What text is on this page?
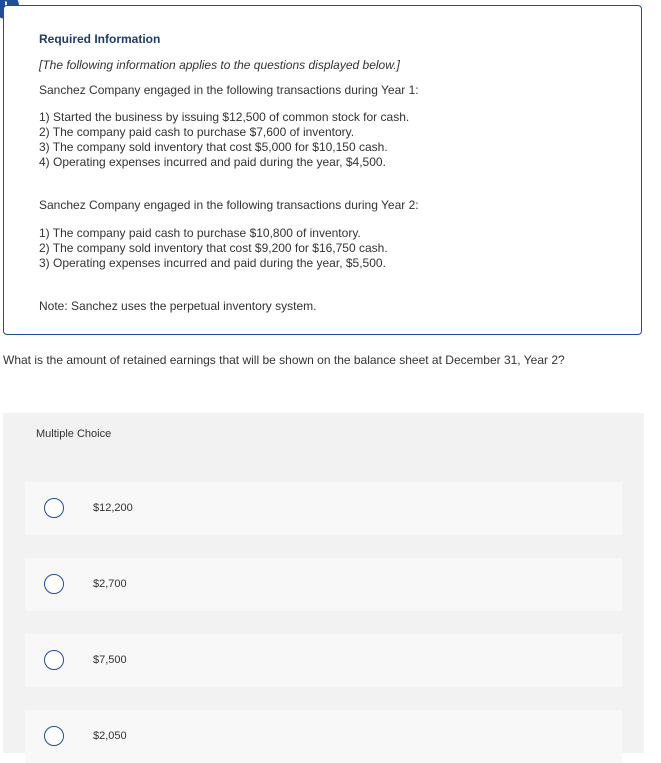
Required Information
[The following information applies to the questions displayed below.]
Sanchez Company engaged in the following transactions during Year 1:
1) Started the business by issuing $12,500 of common stock for cash.
2) The company paid cash to purchase $7,600 of inventory.
3) The company sold inventory that cost $5,000 for $10,150 cash.
4) Operating expenses incurred and paid during the year, $4,500.
Sanchez Company engaged in the following transactions during Year 2:
1) The company paid cash to purchase $10,800 of inventory.
2) The company sold inventory that cost $9,200 for $16,750 cash.
3) Operating expenses incurred and paid during the year, $5,500.
Note: Sanchez uses the perpetual inventory system.
What is the amount of retained earnings that will be shown on the balance sheet at December 31, Year 2?
Multiple Choice
$12,200
$2,700
$7,500
$2,050
